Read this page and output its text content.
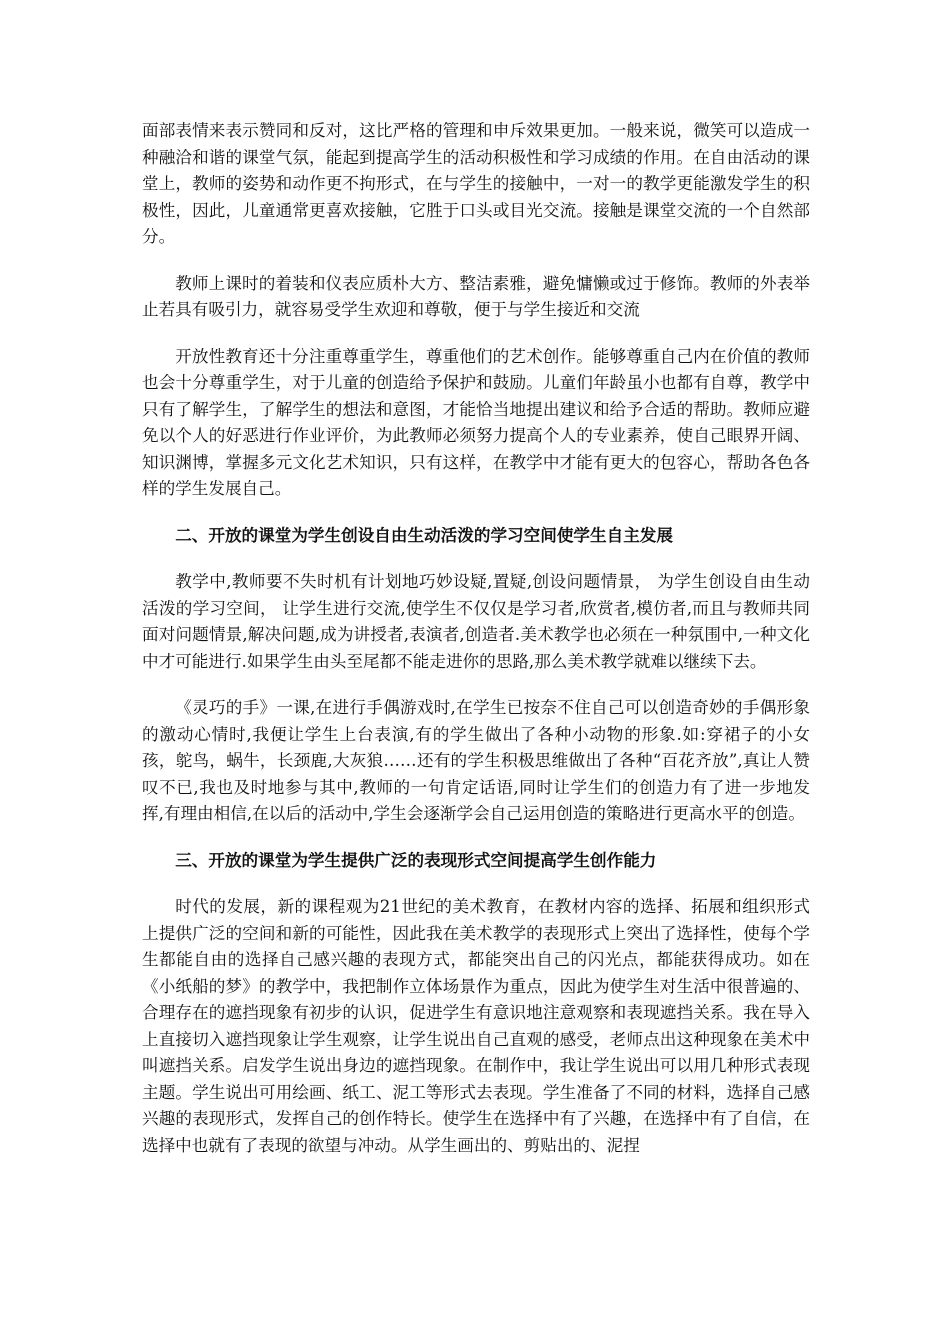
面部表情来表示赞同和反对，这比严格的管理和申斥效果更加。一般来说，微笑可以造成一种融洽和谐的课堂气氛，能起到提高学生的活动积极性和学习成绩的作用。在自由活动的课堂上，教师的姿势和动作更不拘形式，在与学生的接触中，一对一的教学更能激发学生的积极性，因此，儿童通常更喜欢接触，它胜于口头或目光交流。接触是课堂交流的一个自然部分。

教师上课时的着装和仪表应质朴大方、整洁素雅，避免慵懒或过于修饰。教师的外表举止若具有吸引力，就容易受学生欢迎和尊敬，便于与学生接近和交流

开放性教育还十分注重尊重学生，尊重他们的艺术创作。能够尊重自己内在价值的教师也会十分尊重学生，对于儿童的创造给予保护和鼓励。儿童们年龄虽小也都有自尊，教学中只有了解学生，了解学生的想法和意图，才能恰当地提出建议和给予合适的帮助。教师应避免以个人的好恶进行作业评价，为此教师必须努力提高个人的专业素养，使自己眼界开阔、知识渊博，掌握多元文化艺术知识，只有这样，在教学中才能有更大的包容心，帮助各色各样的学生发展自己。

二、开放的课堂为学生创设自由生动活泼的学习空间使学生自主发展

教学中,教师要不失时机有计划地巧妙设疑,置疑,创设问题情景， 为学生创设自由生动活泼的学习空间， 让学生进行交流,使学生不仅仅是学习者,欣赏者,模仿者,而且与教师共同面对问题情景,解决问题,成为讲授者,表演者,创造者.美术教学也必须在一种氛围中,一种文化中才可能进行.如果学生由头至尾都不能走进你的思路,那么美术教学就难以继续下去。

《灵巧的手》一课,在进行手偶游戏时,在学生已按奈不住自己可以创造奇妙的手偶形象的激动心情时,我便让学生上台表演,有的学生做出了各种小动物的形象.如:穿裙子的小女孩，鸵鸟，蜗牛，长颈鹿,大灰狼……还有的学生积极思维做出了各种“百花齐放”,真让人赞叹不已,我也及时地参与其中,教师的一句肯定话语,同时让学生们的创造力有了进一步地发挥,有理由相信,在以后的活动中,学生会逐渐学会自己运用创造的策略进行更高水平的创造。

三、开放的课堂为学生提供广泛的表现形式空间提高学生创作能力

时代的发展，新的课程观为21世纪的美术教育，在教材内容的选择、拓展和组织形式上提供广泛的空间和新的可能性，因此我在美术教学的表现形式上突出了选择性，使每个学生都能自由的选择自己感兴趣的表现方式，都能突出自己的闪光点，都能获得成功。如在《小纸船的梦》的教学中，我把制作立体场景作为重点，因此为使学生对生活中很普遍的、合理存在的遮挡现象有初步的认识，促进学生有意识地注意观察和表现遮挡关系。我在导入上直接切入遮挡现象让学生观察，让学生说出自己直观的感受，老师点出这种现象在美术中叫遮挡关系。启发学生说出身边的遮挡现象。在制作中，我让学生说出可以用几种形式表现主题。学生说出可用绘画、纸工、泥工等形式去表现。学生准备了不同的材料，选择自己感兴趣的表现形式，发挥自己的创作特长。使学生在选择中有了兴趣，在选择中有了自信，在选择中也就有了表现的欲望与冲动。从学生画出的、剪贴出的、泥捏
